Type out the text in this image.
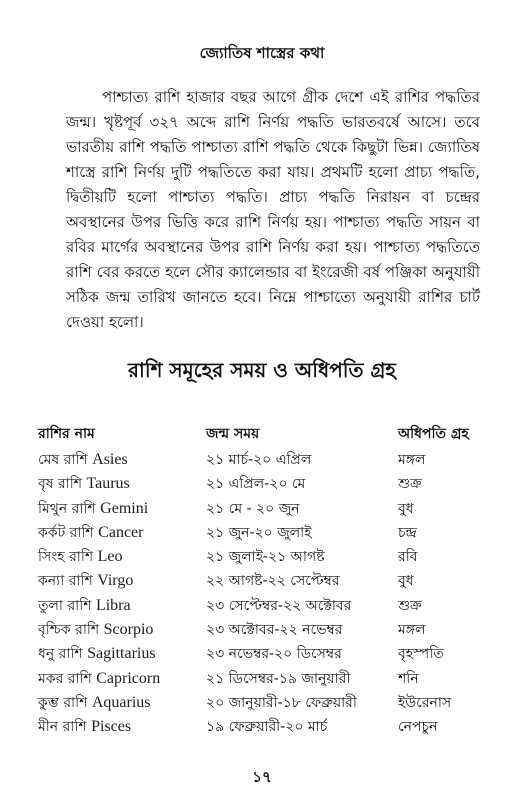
জ্যোতিষ শাস্ত্রের কথা

পাশ্চাত্য রাশি হাজার বছর আগে গ্রীক দেশে এই রাশির পদ্ধতির জন্ম। খৃষ্টপূর্ব ৩২৭ অব্দে রাশি নির্ণয় পদ্ধতি ভারতবর্ষে আসে। তবে ভারতীয় রাশি পদ্ধতি পাশ্চাত্য রাশি পদ্ধতি থেকে কিছুটা ভিন্ন। জ্যোতিষ শাস্ত্রে রাশি নির্ণয় দুটি পদ্ধতিতে করা যায়। প্রথমটি হলো প্রাচ্য পদ্ধতি, দ্বিতীয়টি হলো পাশ্চাত্য পদ্ধতি। প্রাচ্য পদ্ধতি নিরায়ন বা চন্দ্রের অবস্থানের উপর ভিত্তি করে রাশি নির্ণয় হয়। পাশ্চাত্য পদ্ধতি সায়ন বা রবির মার্গের অবস্থানের উপর রাশি নির্ণয় করা হয়। পাশ্চাত্য পদ্ধতিতে রাশি বের করতে হলে সৌর ক্যালেন্ডার বা ইংরেজী বর্ষ পঞ্জিকা অনুযায়ী সঠিক জন্ম তারিখ জানতে হবে। নিম্নে পাশ্চাত্যে অনুযায়ী রাশির চার্ট দেওয়া হলো।

রাশি সমূহের সময় ও অধিপতি গ্রহ
রাশির নাম	জন্ম সময়	অধিপতি গ্রহ
মেষ রাশি Asies	২১ মার্চ-২০ এপ্রিল	মঙ্গল
বৃষ রাশি Taurus	২১ এপ্রিল-২০ মে	শুক্র
মিথুন রাশি Gemini	২১ মে - ২০ জুন	বুধ
কর্কট রাশি Cancer	২১ জুন-২০ জুলাই	চন্দ্র
সিংহ রাশি Leo	২১ জুলাই-২১ আগষ্ট	রবি
কন্যা রাশি Virgo	২২ আগষ্ট-২২ সেপ্টেম্বর	বুধ
তুলা রাশি Libra	২৩ সেপ্টেম্বর-২২ অক্টোবর	শুক্র
বৃশ্চিক রাশি Scorpio	২৩ অক্টোবর-২২ নভেম্বর	মঙ্গল
ধনু রাশি Sagittarius	২৩ নভেম্বর-২০ ডিসেম্বর	বৃহস্পতি
মকর রাশি Capricorn	২১ ডিসেম্বর-১৯ জানুয়ারী	শনি
কুম্ভ রাশি Aquarius	২০ জানুয়ারী-১৮ ফেব্রুয়ারী	ইউরেনাস
মীন রাশি Pisces	১৯ ফেব্রুয়ারী-২০ মার্চ	নেপচুন
১৭
